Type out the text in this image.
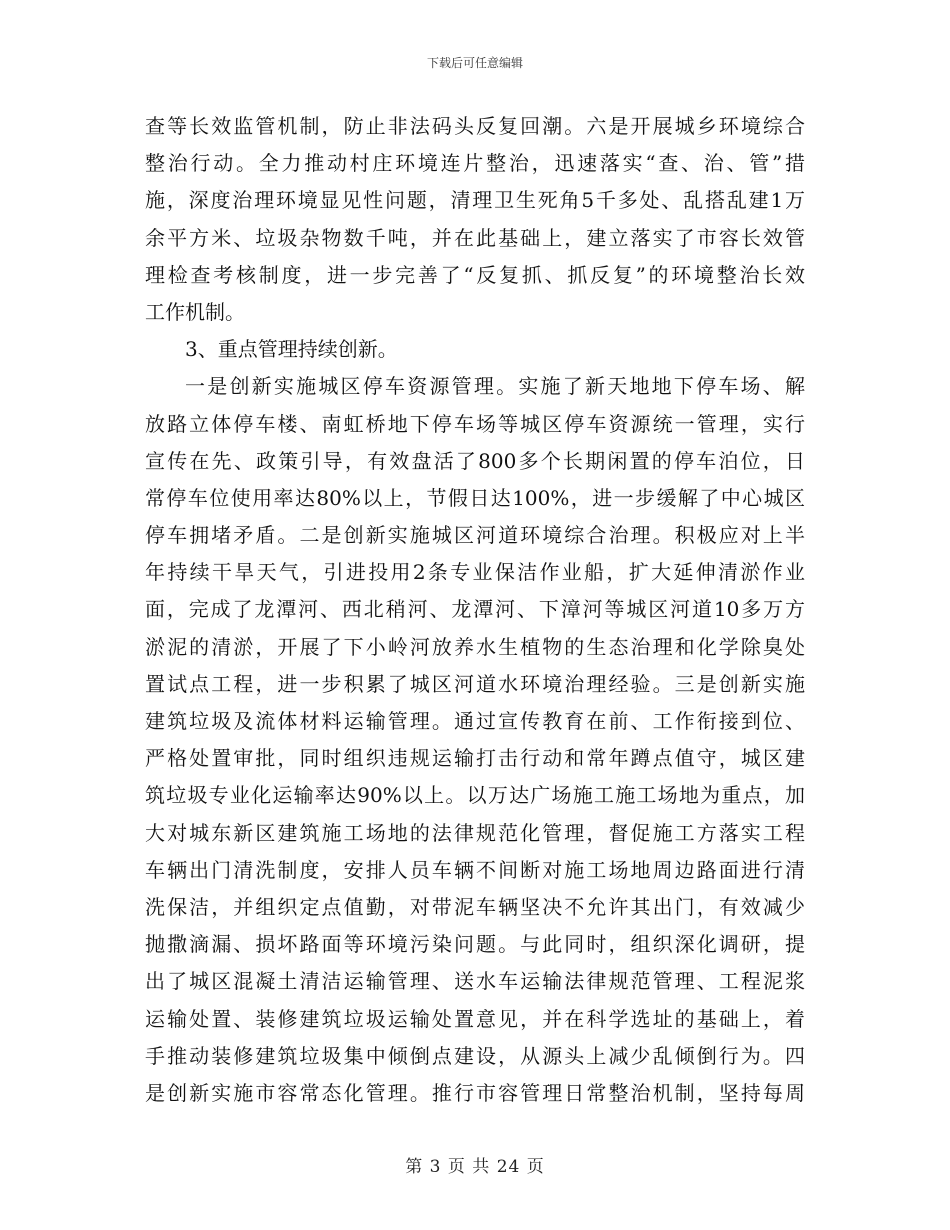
下载后可任意编辑
查等长效监管机制，防止非法码头反复回潮。六是开展城乡环境综合
整治行动。全力推动村庄环境连片整治，迅速落实“查、治、管”措
施，深度治理环境显见性问题，清理卫生死角5千多处、乱搭乱建1万
余平方米、垃圾杂物数千吨，并在此基础上，建立落实了市容长效管
理检查考核制度，进一步完善了“反复抓、抓反复”的环境整治长效
工作机制。
3、重点管理持续创新。
一是创新实施城区停车资源管理。实施了新天地地下停车场、解
放路立体停车楼、南虹桥地下停车场等城区停车资源统一管理，实行
宣传在先、政策引导，有效盘活了800多个长期闲置的停车泊位，日
常停车位使用率达80%以上，节假日达100%，进一步缓解了中心城区
停车拥堵矛盾。二是创新实施城区河道环境综合治理。积极应对上半
年持续干旱天气，引进投用2条专业保洁作业船，扩大延伸清淤作业
面，完成了龙潭河、西北稍河、龙潭河、下漳河等城区河道10多万方
淤泥的清淤，开展了下小岭河放养水生植物的生态治理和化学除臭处
置试点工程，进一步积累了城区河道水环境治理经验。三是创新实施
建筑垃圾及流体材料运输管理。通过宣传教育在前、工作衔接到位、
严格处置审批，同时组织违规运输打击行动和常年蹲点值守，城区建
筑垃圾专业化运输率达90%以上。以万达广场施工施工场地为重点，加
大对城东新区建筑施工场地的法律规范化管理，督促施工方落实工程
车辆出门清洗制度，安排人员车辆不间断对施工场地周边路面进行清
洗保洁，并组织定点值勤，对带泥车辆坚决不允许其出门，有效减少
抛撒滴漏、损坏路面等环境污染问题。与此同时，组织深化调研，提
出了城区混凝土清洁运输管理、送水车运输法律规范管理、工程泥浆
运输处置、装修建筑垃圾运输处置意见，并在科学选址的基础上，着
手推动装修建筑垃圾集中倾倒点建设，从源头上减少乱倾倒行为。四
是创新实施市容常态化管理。推行市容管理日常整治机制，坚持每周
第 3 页 共 24 页
